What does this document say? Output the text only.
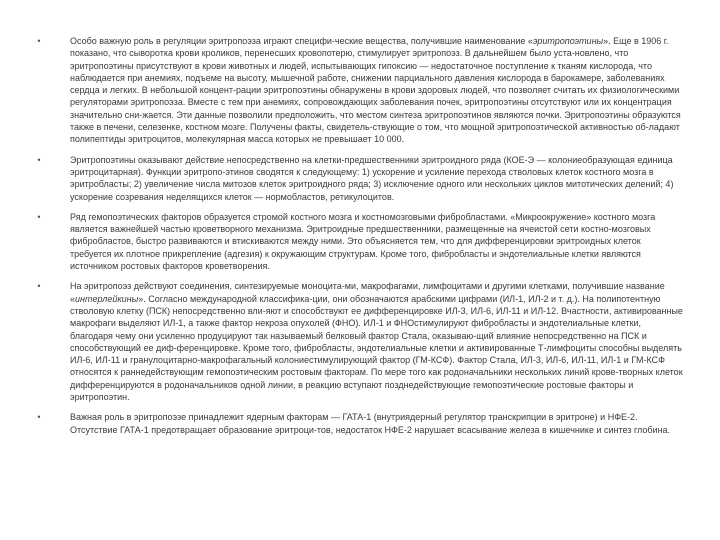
•	Особо важную роль в регуляции эритропоэза играют специфи-ческие вещества, получившие наименование «эритропоэтины». Еще в 1906 г. показано, что сыворотка крови кроликов, перенесших кровопотерю, стимулирует эритропоэз. В дальнейшем было уста-новлено, что эритропоэтины присутствуют в крови животных и людей, испытывающих гипоксию — недостаточное поступление к тканям кислорода, что наблюдается при анемиях, подъеме на высоту, мышечной работе, снижении парциального давления кислорода в барокамере, заболеваниях сердца и легких. В небольшой концент-рации эритропоэтины обнаружены в крови здоровых людей, что позволяет считать их физиологическими регуляторами эритропоэза. Вместе с тем при анемиях, сопровождающих заболевания почек, эритропоэтины отсутствуют или их концентрация значительно сни-жается. Эти данные позволили предположить, что местом синтеза эритропоэтинов являются почки. Эритропоэтины образуются также в печени, селезенке, костном мозге. Получены факты, свидетель-ствующие о том, что мощной эритропоэтической активностью об-ладают полипептиды эритроцитов, молекулярная масса которых не превышает 10 000.
•	Эритропоэтины оказывают действие непосредственно на клетки-предшественники эритроидного ряда (КОЕ-Э — колониеобразующая единица эритроцитарная). Функции эритропо-этинов сводятся к следующему: 1) ускорение и усиление перехода стволовых клеток костного мозга в эритробласты; 2) увеличение числа митозов клеток эритроидного ряда; 3) исключение одного или нескольких циклов митотических делений; 4) ускорение созревания неделящихся клеток — нормобластов, ретикулоцитов.
•	Ряд гемопоэтических факторов образуется стромой костного мозга и костномозговыми фибробластами. «Микроокружение» костного мозга является важнейшей частью кроветворного механизма. Эритроидные предшественники, размещенные на ячеистой сети костно-мозговых фибробластов, быстро развиваются и втискиваются между ними. Это объясняется тем, что для дифференцировки эритроидных клеток требуется их плотное прикрепление (адгезия) к окружающим структурам. Кроме того, фибробласты и эндотелиальные клетки являются источником ростовых факторов кроветворения.
•	На эритропоэз действуют соединения, синтезируемые моноцита-ми, макрофагами, лимфоцитами и другими клетками, получившие название «интерлейкины». Согласно международной классифика-ции, они обозначаются арабскими цифрами (ИЛ-1, ИЛ-2 и т. д.). На полипотентную стволовую клетку (ПСК) непосредственно вли-яют и способствуют ее дифференцировке ИЛ-3, ИЛ-6, ИЛ-11 и ИЛ-12. Вчастности, активированные макрофаги выделяют ИЛ-1, а также фактор некроза опухолей (ФНО). ИЛ-1 и ФНОстимулируют фибробласты и эндотелиальные клетки, благодаря чему они усиленно продуцируют так называемый белковый фактор Стала, оказываю-щий влияние непосредственно на ПСК и способствующий ее диф-ференцировке. Кроме того, фибробласты, эндотелиальные клетки и активированные Т-лимфоциты способны выделять ИЛ-6, ИЛ-11 и гранулоцитарно-макрофагальный колониестимулирующий фактор (ГМ-КСФ). Фактор Стала, ИЛ-3, ИЛ-6, ИЛ-11, ИЛ-1 и ГМ-КСФ относятся к раннедействующим гемопоэтическим ростовым факторам. По мере того как родоначальники нескольких линий крове-творных клеток дифференцируются в родоначальников одной линии, в реакцию вступают позднедействующие гемопоэтические ростовые факторы и эритропоэтин.
•	Важная роль в эритропоэзе принадлежит ядерным факторам — ГАТА-1 (внутриядерный регулятор транскрипции в эритроне) и НФЕ-2. Отсутствие ГАТА-1 предотвращает образование эритроци-тов, недостаток НФЕ-2 нарушает всасывание железа в кишечнике и синтез глобина.
